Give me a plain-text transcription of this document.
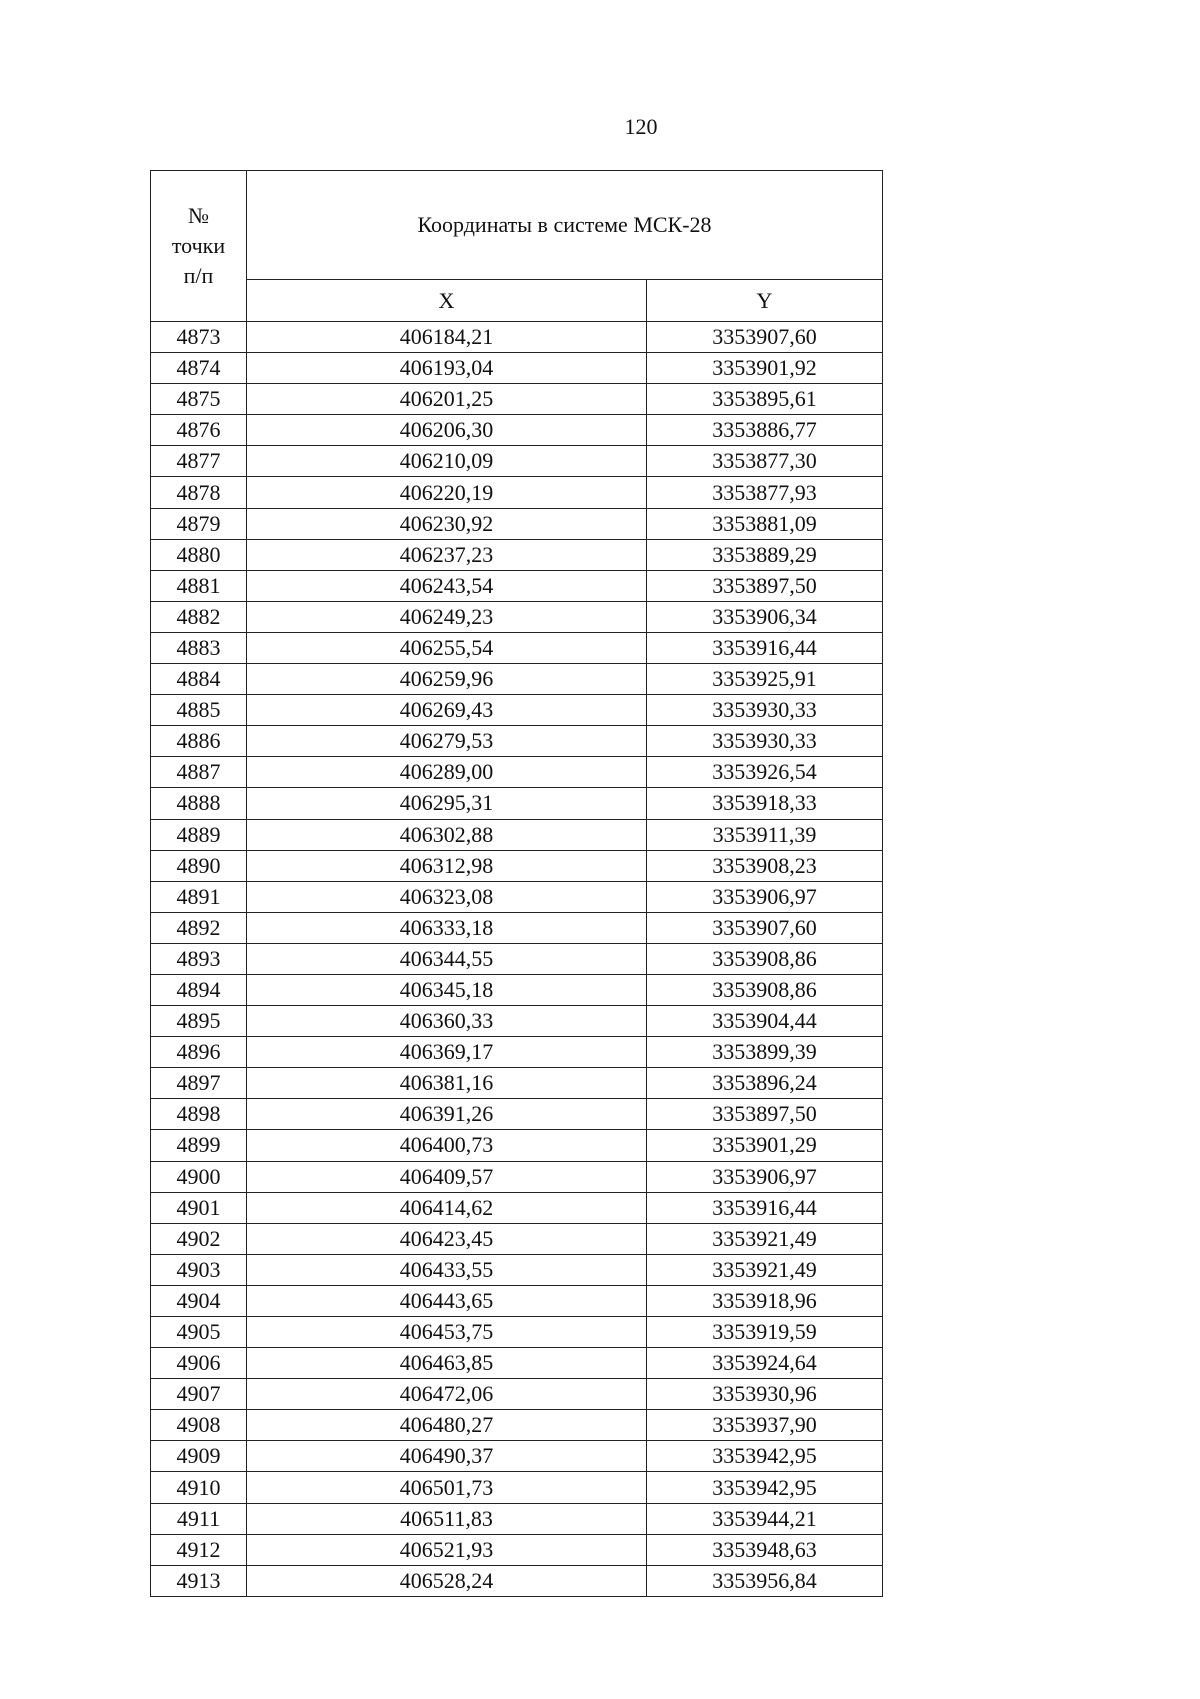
120
№
точки
п/п	Координаты в системе МСК-28	
	X	Y
4873	406184,21	3353907,60
4874	406193,04	3353901,92
4875	406201,25	3353895,61
4876	406206,30	3353886,77
4877	406210,09	3353877,30
4878	406220,19	3353877,93
4879	406230,92	3353881,09
4880	406237,23	3353889,29
4881	406243,54	3353897,50
4882	406249,23	3353906,34
4883	406255,54	3353916,44
4884	406259,96	3353925,91
4885	406269,43	3353930,33
4886	406279,53	3353930,33
4887	406289,00	3353926,54
4888	406295,31	3353918,33
4889	406302,88	3353911,39
4890	406312,98	3353908,23
4891	406323,08	3353906,97
4892	406333,18	3353907,60
4893	406344,55	3353908,86
4894	406345,18	3353908,86
4895	406360,33	3353904,44
4896	406369,17	3353899,39
4897	406381,16	3353896,24
4898	406391,26	3353897,50
4899	406400,73	3353901,29
4900	406409,57	3353906,97
4901	406414,62	3353916,44
4902	406423,45	3353921,49
4903	406433,55	3353921,49
4904	406443,65	3353918,96
4905	406453,75	3353919,59
4906	406463,85	3353924,64
4907	406472,06	3353930,96
4908	406480,27	3353937,90
4909	406490,37	3353942,95
4910	406501,73	3353942,95
4911	406511,83	3353944,21
4912	406521,93	3353948,63
4913	406528,24	3353956,84
